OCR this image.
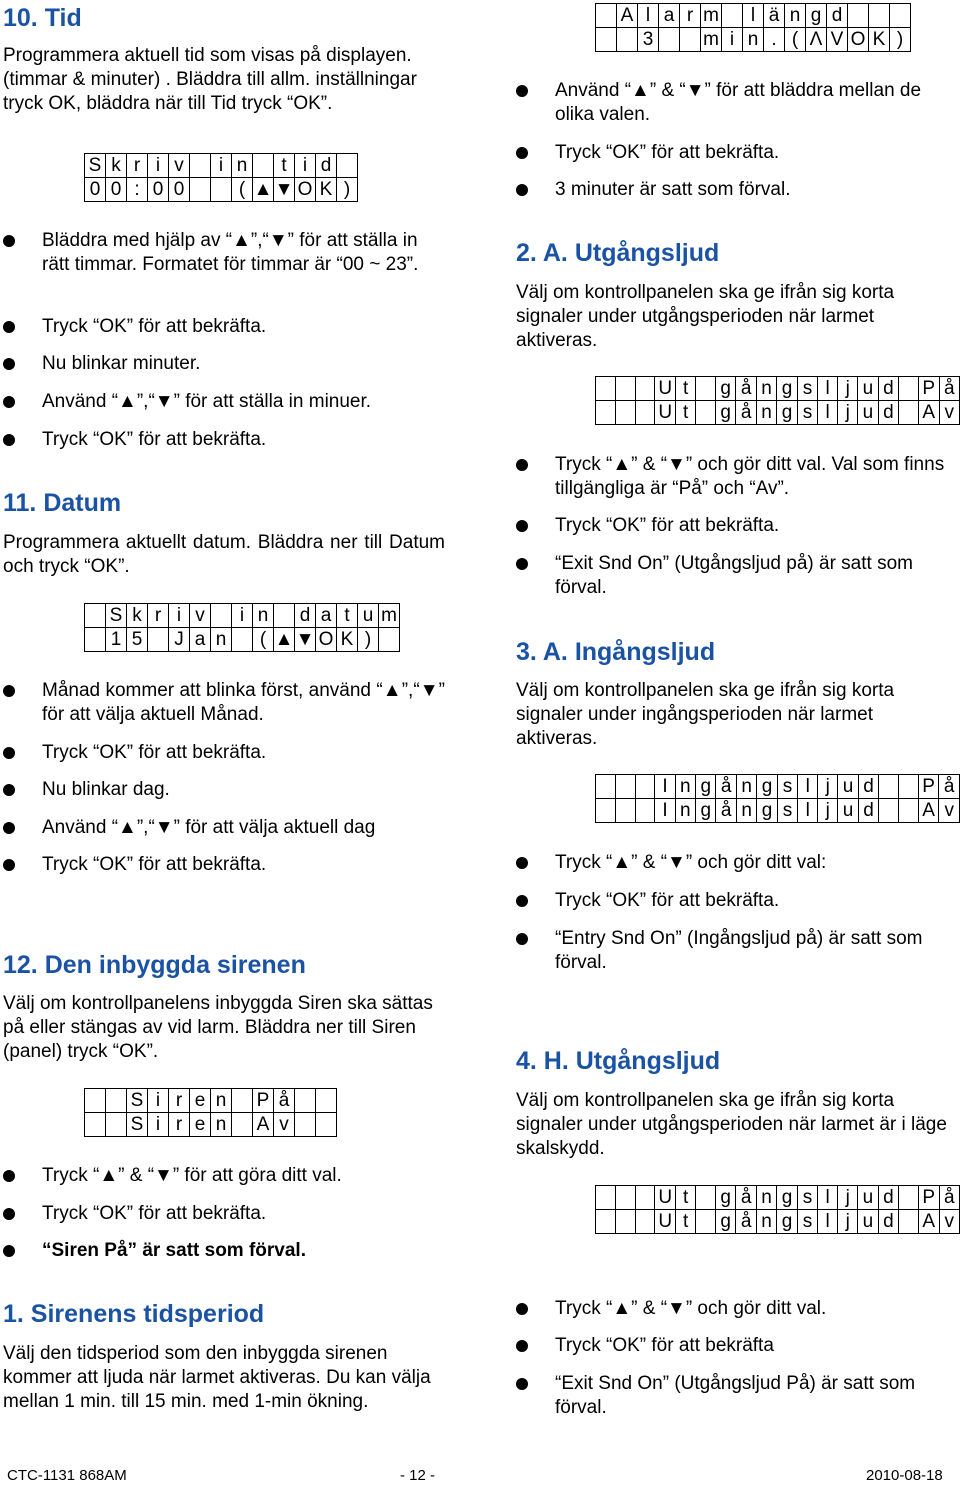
10. Tid

Programmera aktuell tid som visas på displayen. (timmar & minuter) . Bläddra till allm. inställningar tryck OK, bläddra när till Tid tryck “OK”.

S	k	r	i	v		i	n		t	i	d	
0	0	:	0	0			(	▲	▼	O	K	)
Bläddra med hjälp av “▲”,“▼” för att ställa in rätt timmar. Formatet för timmar är “00 ~ 23”.
Tryck “OK” för att bekräfta.
Nu blinkar minuter.
Använd “▲”,“▼” för att ställa in minuer.
Tryck “OK” för att bekräfta.
11. Datum

Programmera aktuellt datum. Bläddra ner till Datum och tryck “OK”.

	S	k	r	i	v		i	n		d	a	t	u	m
	1	5		J	a	n		(	▲	▼	O	K	)	
Månad kommer att blinka först, använd “▲”,“▼” för att välja aktuell Månad.
Tryck “OK” för att bekräfta.
Nu blinkar dag.
Använd “▲”,“▼” för att välja aktuell dag
Tryck “OK” för att bekräfta.
12. Den inbyggda sirenen

Välj om kontrollpanelens inbyggda Siren ska sättas på eller stängas av vid larm. Bläddra ner till Siren (panel) tryck “OK”.

		S	i	r	e	n		P	å		
		S	i	r	e	n		A	v		
Tryck “▲” & “▼” för att göra ditt val.
Tryck “OK” för att bekräfta.
“Siren På” är satt som förval.
1. Sirenens tidsperiod

Välj den tidsperiod som den inbyggda sirenen kommer att ljuda när larmet aktiveras. Du kan välja mellan 1 min. till 15 min. med 1-min ökning.

	A	l	a	r	m		l	ä	n	g	d			
		3			m	i	n	.	(	Λ	V	O	K	)
Använd “▲” & “▼” för att bläddra mellan de olika valen.
Tryck “OK” för att bekräfta.
3 minuter är satt som förval.
2. A. Utgångsljud

Välj om kontrollpanelen ska ge ifrån sig korta signaler under utgångsperioden när larmet aktiveras.

			U	t		g	å	n	g	s	l	j	u	d		P	å
			U	t		g	å	n	g	s	l	j	u	d		A	v
Tryck “▲” & “▼” och gör ditt val. Val som finns tillgängliga är “På” och “Av”.
Tryck “OK” för att bekräfta.
“Exit Snd On” (Utgångsljud på) är satt som förval.
3. A. Ingångsljud

Välj om kontrollpanelen ska ge ifrån sig korta signaler under ingångsperioden när larmet aktiveras.

			I	n	g	å	n	g	s	l	j	u	d			P	å
			I	n	g	å	n	g	s	l	j	u	d			A	v
Tryck “▲” & “▼” och gör ditt val:
Tryck “OK” för att bekräfta.
“Entry Snd On” (Ingångsljud på) är satt som förval.
4. H. Utgångsljud

Välj om kontrollpanelen ska ge ifrån sig korta signaler under utgångsperioden när larmet är i läge skalskydd.

			U	t		g	å	n	g	s	l	j	u	d		P	å
			U	t		g	å	n	g	s	l	j	u	d		A	v
Tryck “▲” & “▼” och gör ditt val.
Tryck “OK” för att bekräfta
“Exit Snd On” (Utgångsljud På) är satt som förval.
CTC-1131 868AM	- 12 -	2010-08-18
